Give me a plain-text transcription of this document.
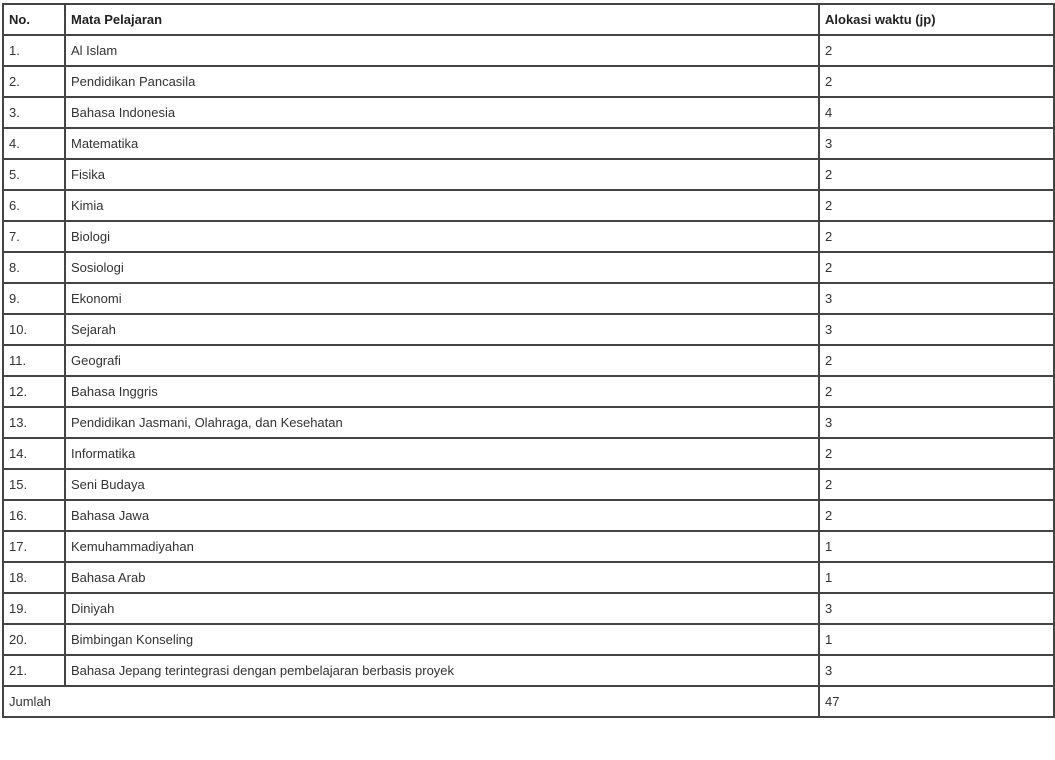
No.	Mata Pelajaran	Alokasi waktu (jp)
1.	Al Islam	2
2.	Pendidikan Pancasila	2
3.	Bahasa Indonesia	4
4.	Matematika	3
5.	Fisika	2
6.	Kimia	2
7.	Biologi	2
8.	Sosiologi	2
9.	Ekonomi	3
10.	Sejarah	3
11.	Geografi	2
12.	Bahasa Inggris	2
13.	Pendidikan Jasmani, Olahraga, dan Kesehatan	3
14.	Informatika	2
15.	Seni Budaya	2
16.	Bahasa Jawa	2
17.	Kemuhammadiyahan	1
18.	Bahasa Arab	1
19.	Diniyah	3
20.	Bimbingan Konseling	1
21.	Bahasa Jepang terintegrasi dengan pembelajaran berbasis proyek	3
Jumlah		47
